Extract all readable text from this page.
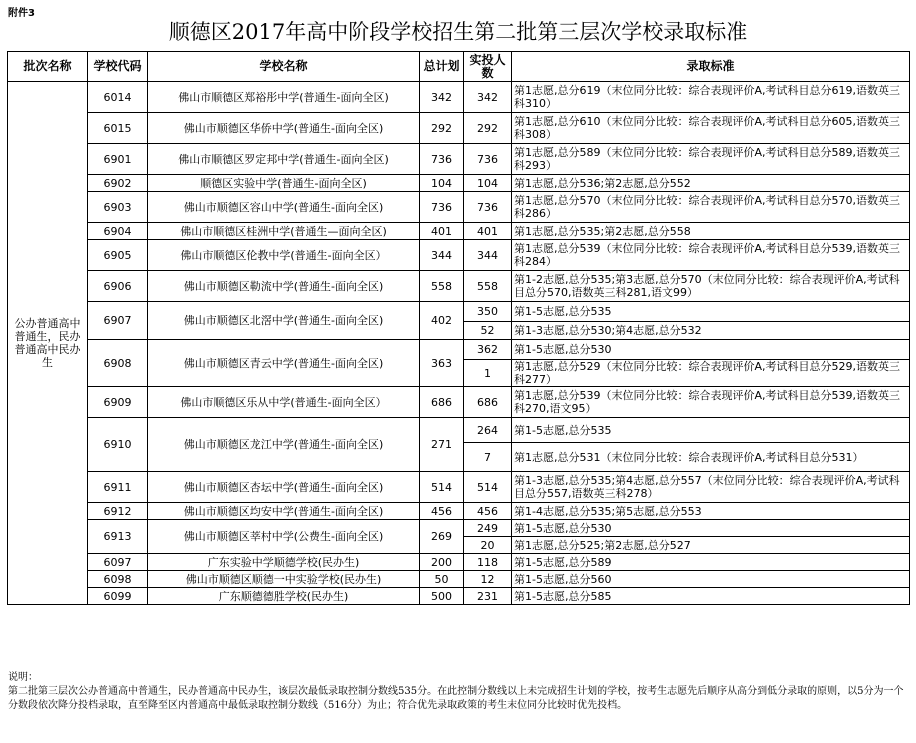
附件3
顺德区2017年高中阶段学校招生第二批第三层次学校录取标准
批次名称	学校代码	学校名称	总计划	实投人数	录取标准
公办普通高中普通生，民办普通高中民办生	6014	佛山市顺德区郑裕彤中学(普通生-面向全区)	342	342	第1志愿,总分619（末位同分比较：综合表现评价A,考试科目总分619,语数英三科310）
	6015	佛山市顺德区华侨中学(普通生-面向全区)	292	292	第1志愿,总分610（末位同分比较：综合表现评价A,考试科目总分605,语数英三科308）
	6901	佛山市顺德区罗定邦中学(普通生-面向全区)	736	736	第1志愿,总分589（末位同分比较：综合表现评价A,考试科目总分589,语数英三科293）
	6902	顺德区实验中学(普通生-面向全区)	104	104	第1志愿,总分536;第2志愿,总分552
	6903	佛山市顺德区容山中学(普通生-面向全区)	736	736	第1志愿,总分570（末位同分比较：综合表现评价A,考试科目总分570,语数英三科286）
	6904	佛山市顺德区桂洲中学(普通生—面向全区)	401	401	第1志愿,总分535;第2志愿,总分558
	6905	佛山市顺德区伦教中学(普通生-面向全区）	344	344	第1志愿,总分539（末位同分比较：综合表现评价A,考试科目总分539,语数英三科284）
	6906	佛山市顺德区勒流中学(普通生-面向全区)	558	558	第1-2志愿,总分535;第3志愿,总分570（末位同分比较：综合表现评价A,考试科目总分570,语数英三科281,语文99）
	6907	佛山市顺德区北滘中学(普通生-面向全区)	402	350	第1-5志愿,总分535
				52	第1-3志愿,总分530;第4志愿,总分532
	6908	佛山市顺德区青云中学(普通生-面向全区)	363	362	第1-5志愿,总分530
				1	第1志愿,总分529（末位同分比较：综合表现评价A,考试科目总分529,语数英三科277）
	6909	佛山市顺德区乐从中学(普通生-面向全区）	686	686	第1志愿,总分539（末位同分比较：综合表现评价A,考试科目总分539,语数英三科270,语文95）
	6910	佛山市顺德区龙江中学(普通生-面向全区)	271	264	第1-5志愿,总分535
				7	第1志愿,总分531（末位同分比较：综合表现评价A,考试科目总分531）
	6911	佛山市顺德区杏坛中学(普通生-面向全区)	514	514	第1-3志愿,总分535;第4志愿,总分557（末位同分比较：综合表现评价A,考试科目总分557,语数英三科278）
	6912	佛山市顺德区均安中学(普通生-面向全区)	456	456	第1-4志愿,总分535;第5志愿,总分553
	6913	佛山市顺德区莘村中学(公费生-面向全区)	269	249	第1-5志愿,总分530
				20	第1志愿,总分525;第2志愿,总分527
	6097	广东实验中学顺德学校(民办生)	200	118	第1-5志愿,总分589
	6098	佛山市顺德区顺德一中实验学校(民办生)	50	12	第1-5志愿,总分560
	6099	广东顺德德胜学校(民办生)	500	231	第1-5志愿,总分585

说明：

第二批第三层次公办普通高中普通生，民办普通高中民办生，该层次最低录取控制分数线535分。在此控制分数线以上未完成招生计划的学校，按考生志愿先后顺序从高分到低分录取的原则，以5分为一个分数段依次降分投档录取，直至降至区内普通高中最低录取控制分数线（516分）为止；符合优先录取政策的考生末位同分比较时优先投档。
